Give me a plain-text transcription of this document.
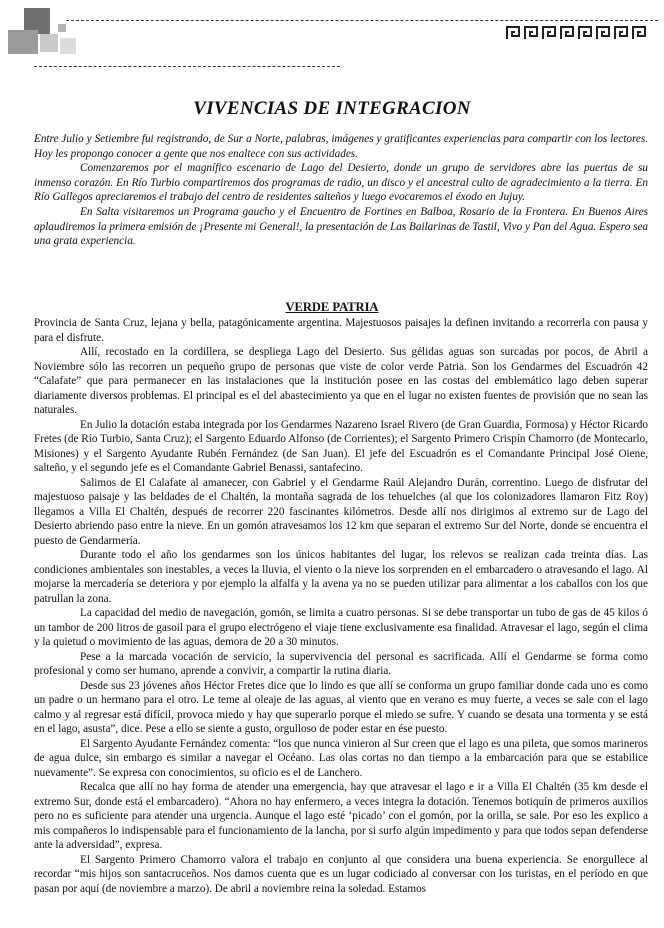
VIVENCIAS DE INTEGRACION

Entre Julio y Setiembre fui registrando, de Sur a Norte, palabras, imágenes y gratificantes experiencias para compartir con los lectores. Hoy les propongo conocer a gente que nos enaltece con sus actividades.

Comenzaremos por el magnífico escenario de Lago del Desierto, donde un grupo de servidores abre las puertas de su inmenso corazón. En Río Turbio compartiremos dos programas de radio, un disco y el ancestral culto de agradecimiento a la tierra. En Río Gallegos apreciaremos el trabajo del centro de residentes salteños y luego evocaremos el éxodo en Jujuy.

En Salta visitaremos un Programa gaucho y el Encuentro de Fortines en Balboa, Rosario de la Frontera. En Buenos Aires aplaudiremos la primera emisión de ¡Presente mi General!, la presentación de Las Bailarinas de Tastil, Vivo y Pan del Agua. Espero sea una grata experiencia.

VERDE PATRIA

Provincia de Santa Cruz, lejana y bella, patagónicamente argentina. Majestuosos paisajes la definen invitando a recorrerla con pausa y para el disfrute.

Allí, recostado en la cordillera, se despliega Lago del Desierto. Sus gélidas aguas son surcadas por pocos, de Abril a Noviembre sólo las recorren un pequeño grupo de personas que viste de color verde Patria. Son los Gendarmes del Escuadrón 42 “Calafate” que para permanecer en las instalaciones que la institución posee en las costas del emblemático lago deben superar diariamente diversos problemas. El principal es el del abastecimiento ya que en el lugar no existen fuentes de provisión que no sean las naturales.

En Julio la dotación estaba integrada por los Gendarmes Nazareno Israel Rivero (de Gran Guardia, Formosa) y Héctor Ricardo Fretes (de Río Turbio, Santa Cruz); el Sargento Eduardo Alfonso (de Corrientes); el Sargento Primero Crispín Chamorro (de Montecarlo, Misiones) y el Sargento Ayudante Rubén Fernández (de San Juan). El jefe del Escuadrón es el Comandante Principal José Oiene, salteño, y el segundo jefe es el Comandante Gabriel Benassi, santafecino.

Salimos de El Calafate al amanecer, con Gabriel y el Gendarme Raúl Alejandro Durán, correntino. Luego de disfrutar del majestuoso paisaje y las beldades de el Chaltén, la montaña sagrada de los tehuelches (al que los colonizadores llamaron Fitz Roy) llegamos a Villa El Chaltén, después de recorrer 220 fascinantes kilómetros. Desde allí nos dirigimos al extremo sur de Lago del Desierto abriendo paso entre la nieve. En un gomón atravesamos los 12 km que separan el extremo Sur del Norte, donde se encuentra el puesto de Gendarmería.

Durante todo el año los gendarmes son los únicos habitantes del lugar, los relevos se realizan cada treinta días. Las condiciones ambientales son inestables, a veces la lluvia, el viento o la nieve los sorprenden en el embarcadero o atravesando el lago. Al mojarse la mercadería se deteriora y por ejemplo la alfalfa y la avena ya no se pueden utilizar para alimentar a los caballos con los que patrullan la zona.

La capacidad del medio de navegación, gomón, se limita a cuatro personas. Si se debe transportar un tubo de gas de 45 kilos ó un tambor de 200 litros de gasoil para el grupo electrógeno el viaje tiene exclusivamente esa finalidad. Atravesar el lago, según el clima y la quietud o movimiento de las aguas, demora de 20 a 30 minutos.

Pese a la marcada vocación de servicio, la supervivencia del personal es sacrificada. Allí el Gendarme se forma como profesional y como ser humano, aprende a convivir, a compartir la rutina diaria.

Desde sus 23 jóvenes años Héctor Fretes dice que lo lindo es que allí se conforma un grupo familiar donde cada uno es como un padre o un hermano para el otro. Le teme al oleaje de las aguas, al viento que en verano es muy fuerte, a veces se sale con el lago calmo y al regresar está difícil, provoca miedo y hay que superarlo porque el miedo se sufre. Y cuando se desata una tormenta y se está en el lago, asusta”, dice. Pese a ello se siente a gusto, orgulloso de poder estar en ése puesto.

El Sargento Ayudante Fernández comenta: “los que nunca vinieron al Sur creen que el lago es una pileta, que somos marineros de agua dulce, sin embargo es similar a navegar el Océano. Las olas cortas no dan tiempo a la embarcación para que se estabilice nuevamente”. Se expresa con conocimientos, su oficio es el de Lanchero.

Recalca que allí no hay forma de atender una emergencia, hay que atravesar el lago e ir a Villa El Chaltén (35 km desde el extremo Sur, donde está el embarcadero). “Ahora no hay enfermero, a veces integra la dotación. Tenemos botiquín de primeros auxilios pero no es suficiente para atender una urgencia. Aunque el lago esté ‘picado’ con el gomón, por la orilla, se sale. Por eso les explico a mis compañeros lo indispensable para el funcionamiento de la lancha, por si surfo algún impedimento y para que todos sepan defenderse ante la adversidad”, expresa.

El Sargento Primero Chamorro valora el trabajo en conjunto al que considera una buena experiencia. Se enorgullece al recordar “mis hijos son santacruceños. Nos damos cuenta que es un lugar codiciado al conversar con los turistas, en el período en que pasan por aquí (de noviembre a marzo). De abril a noviembre reina la soledad. Estamos
